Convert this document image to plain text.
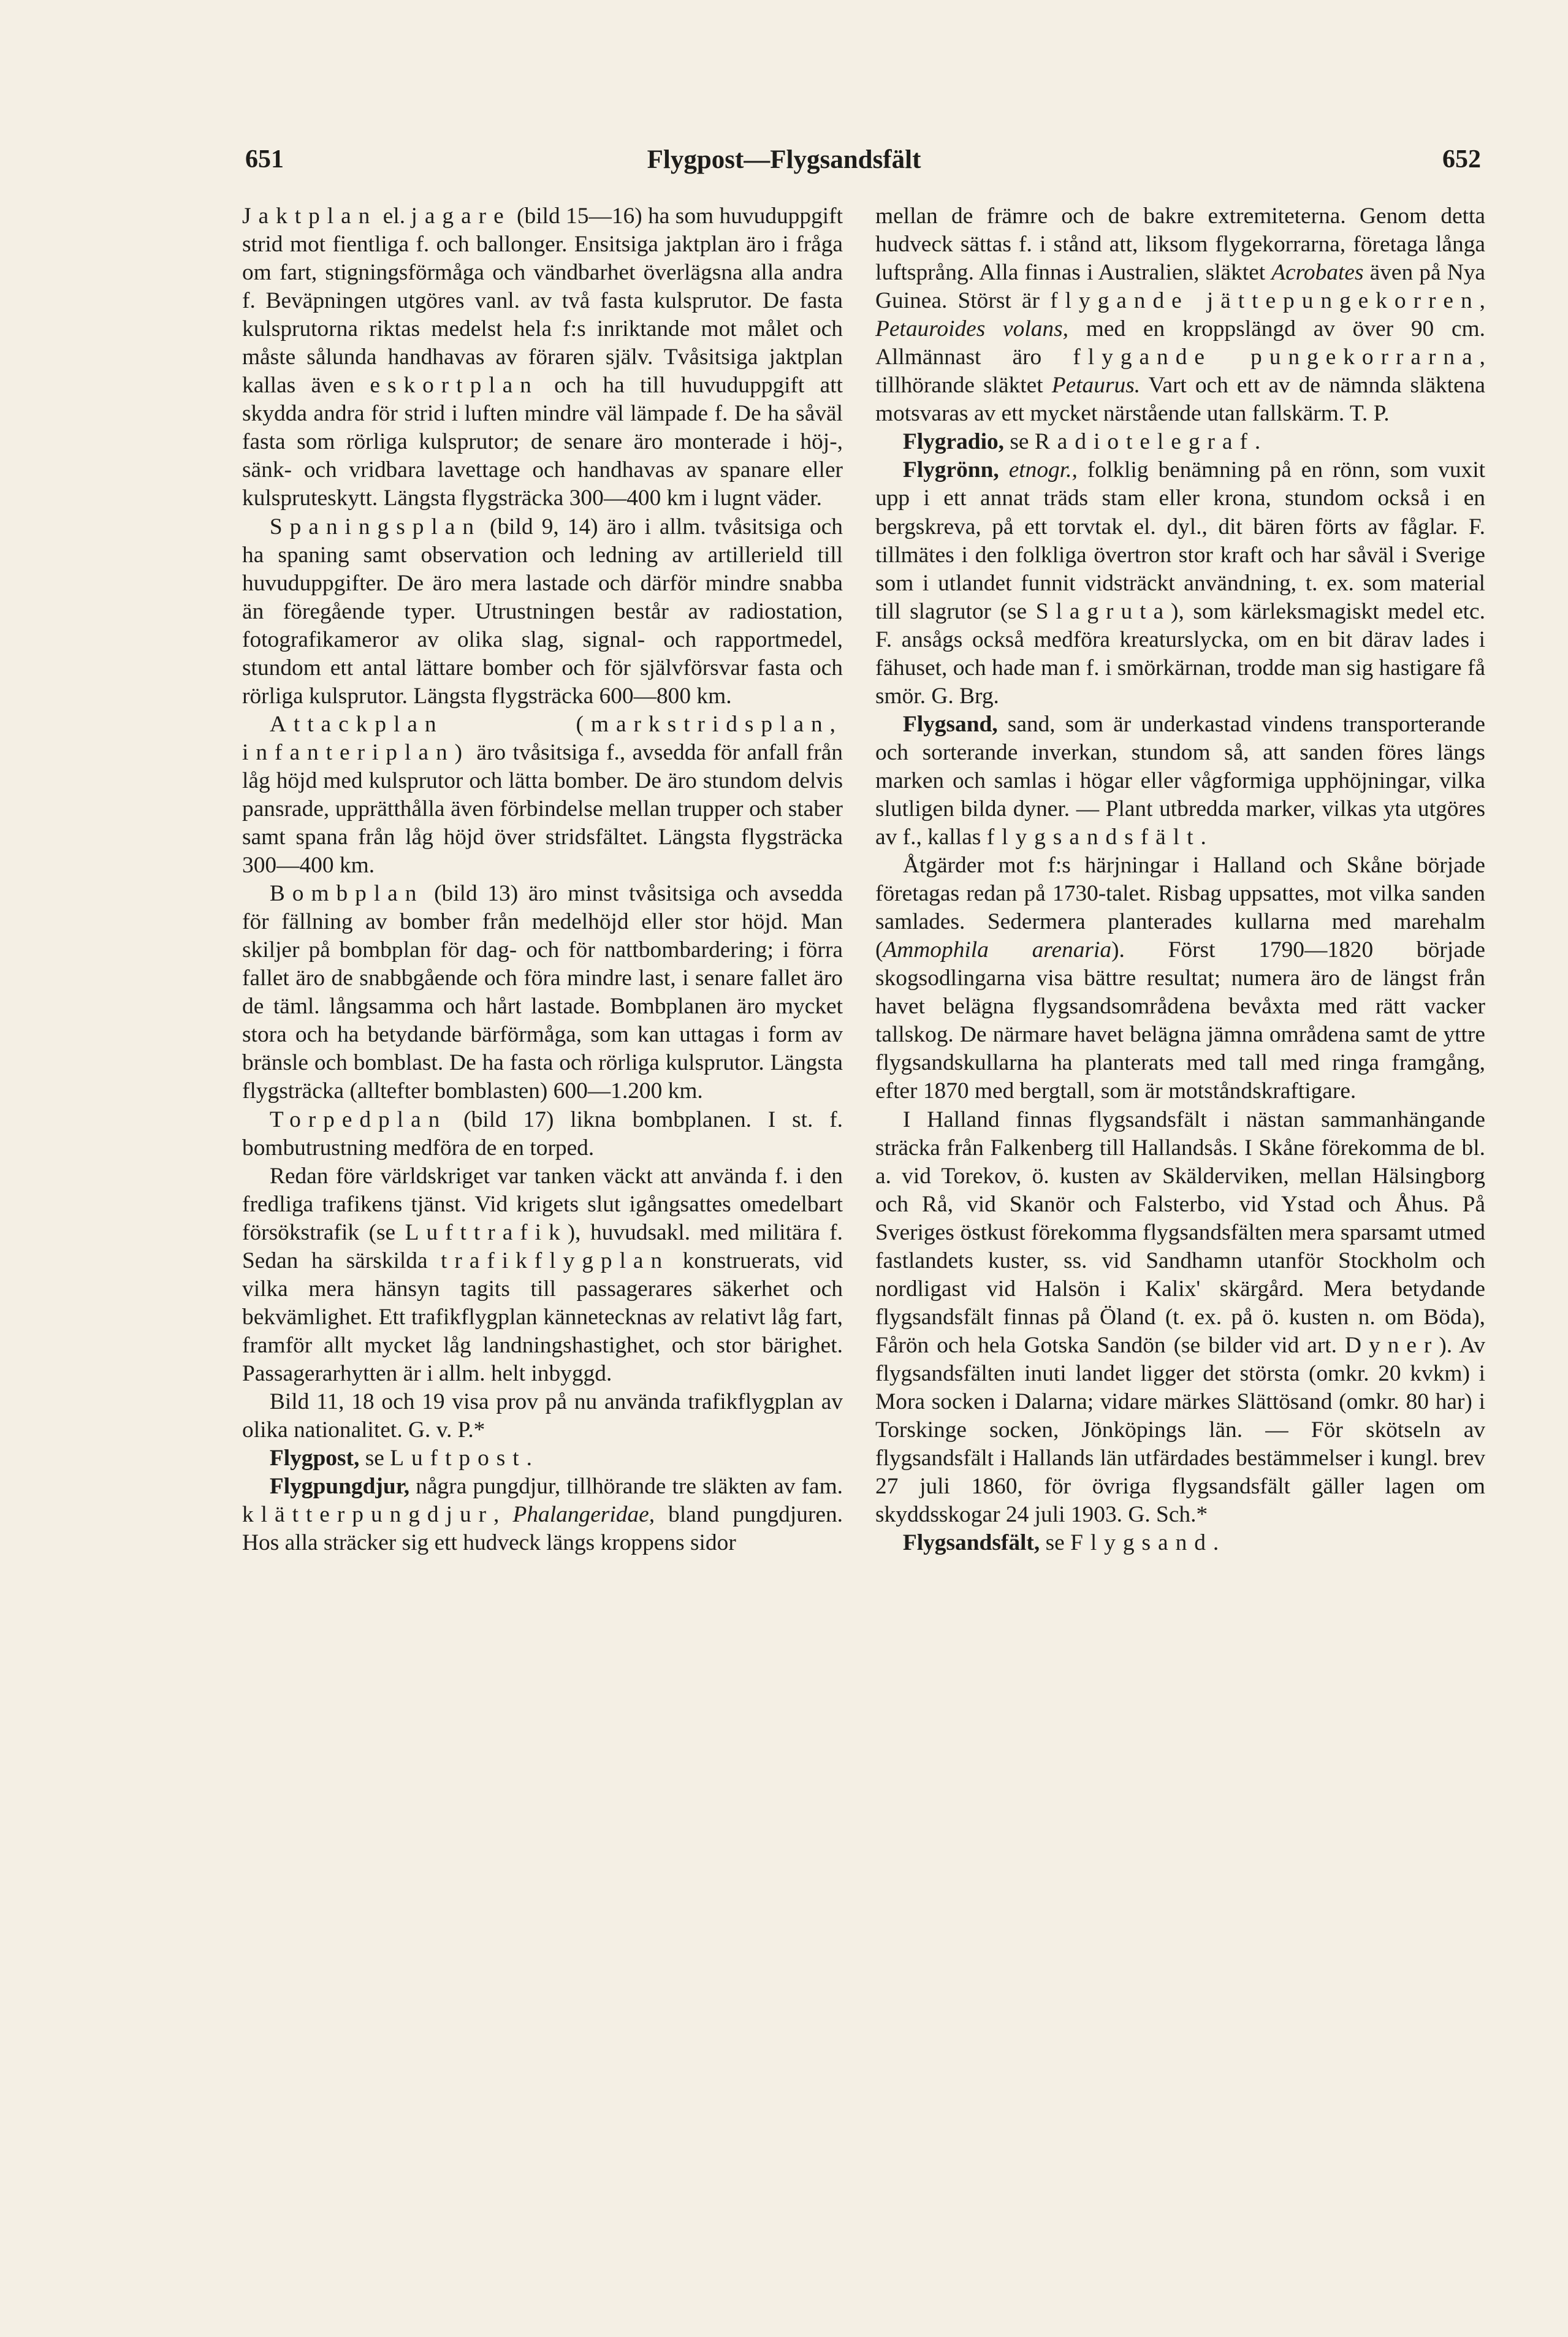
651	Flygpost—Flygsandsfält	652

Jaktplan el. jagare (bild 15—16) ha som huvuduppgift strid mot fientliga f. och ballonger. Ensitsiga jaktplan äro i fråga om fart, stigningsförmåga och vändbarhet överlägsna alla andra f. Beväpningen utgöres vanl. av två fasta kulsprutor. De fasta kulsprutorna riktas medelst hela f:s inriktande mot målet och måste sålunda handhavas av föraren själv. Tvåsitsiga jaktplan kallas även eskortplan och ha till huvuduppgift att skydda andra för strid i luften mindre väl lämpade f. De ha såväl fasta som rörliga kulsprutor; de senare äro monterade i höj-, sänk- och vridbara lavettage och handhavas av spanare eller kulspruteskytt. Längsta flygsträcka 300—400 km i lugnt väder.

Spaningsplan (bild 9, 14) äro i allm. tvåsitsiga och ha spaning samt observation och ledning av artillerield till huvuduppgifter. De äro mera lastade och därför mindre snabba än föregående typer. Utrustningen består av radiostation, fotografikameror av olika slag, signal- och rapportmedel, stundom ett antal lättare bomber och för självförsvar fasta och rörliga kulsprutor. Längsta flygsträcka 600—800 km.

Attackplan (markstridsplan, infanteriplan) äro tvåsitsiga f., avsedda för anfall från låg höjd med kulsprutor och lätta bomber. De äro stundom delvis pansrade, upprätthålla även förbindelse mellan trupper och staber samt spana från låg höjd över stridsfältet. Längsta flygsträcka 300—400 km.

Bombplan (bild 13) äro minst tvåsitsiga och avsedda för fällning av bomber från medelhöjd eller stor höjd. Man skiljer på bombplan för dag- och för nattbombardering; i förra fallet äro de snabbgående och föra mindre last, i senare fallet äro de täml. långsamma och hårt lastade. Bombplanen äro mycket stora och ha betydande bärförmåga, som kan uttagas i form av bränsle och bomblast. De ha fasta och rörliga kulsprutor. Längsta flygsträcka (alltefter bomblasten) 600—1.200 km.

Torpedplan (bild 17) likna bombplanen. I st. f. bombutrustning medföra de en torped.

Redan före världskriget var tanken väckt att använda f. i den fredliga trafikens tjänst. Vid krigets slut igångsattes omedelbart försökstrafik (se Lufttrafik), huvudsakl. med militära f. Sedan ha särskilda trafikflygplan konstruerats, vid vilka mera hänsyn tagits till passagerares säkerhet och bekvämlighet. Ett trafikflygplan kännetecknas av relativt låg fart, framför allt mycket låg landningshastighet, och stor bärighet. Passagerarhytten är i allm. helt inbyggd.

Bild 11, 18 och 19 visa prov på nu använda trafikflygplan av olika nationalitet. G. v. P.*

Flygpost, se Luftpost.

Flygpungdjur, några pungdjur, tillhörande tre släkten av fam. klätterpungdjur, Phalangeridae, bland pungdjuren. Hos alla sträcker sig ett hudveck längs kroppens sidor

mellan de främre och de bakre extremiteterna. Genom detta hudveck sättas f. i stånd att, liksom flygekorrarna, företaga långa luftsprång. Alla finnas i Australien, släktet Acrobates även på Nya Guinea. Störst är flygande jättepungekorren, Petauroides volans, med en kroppslängd av över 90 cm. Allmännast äro flygande pungekorrarna, tillhörande släktet Petaurus. Vart och ett av de nämnda släktena motsvaras av ett mycket närstående utan fallskärm. T. P.

Flygradio, se Radiotelegraf.

Flygrönn, etnogr., folklig benämning på en rönn, som vuxit upp i ett annat träds stam eller krona, stundom också i en bergskreva, på ett torvtak el. dyl., dit bären förts av fåglar. F. tillmätes i den folkliga övertron stor kraft och har såväl i Sverige som i utlandet funnit vidsträckt användning, t. ex. som material till slagrutor (se Slagruta), som kärleksmagiskt medel etc. F. ansågs också medföra kreaturslycka, om en bit därav lades i fähuset, och hade man f. i smörkärnan, trodde man sig hastigare få smör. G. Brg.

Flygsand, sand, som är underkastad vindens transporterande och sorterande inverkan, stundom så, att sanden föres längs marken och samlas i högar eller vågformiga upphöjningar, vilka slutligen bilda dyner. — Plant utbredda marker, vilkas yta utgöres av f., kallas flygsandsfält.

Åtgärder mot f:s härjningar i Halland och Skåne började företagas redan på 1730-talet. Risbag uppsattes, mot vilka sanden samlades. Sedermera planterades kullarna med marehalm (Ammophila arenaria). Först 1790—1820 började skogsodlingarna visa bättre resultat; numera äro de längst från havet belägna flygsandsområdena bevåxta med rätt vacker tallskog. De närmare havet belägna jämna områdena samt de yttre flygsandskullarna ha planterats med tall med ringa framgång, efter 1870 med bergtall, som är motståndskraftigare.

I Halland finnas flygsandsfält i nästan sammanhängande sträcka från Falkenberg till Hallandsås. I Skåne förekomma de bl. a. vid Torekov, ö. kusten av Skälderviken, mellan Hälsingborg och Rå, vid Skanör och Falsterbo, vid Ystad och Åhus. På Sveriges östkust förekomma flygsandsfälten mera sparsamt utmed fastlandets kuster, ss. vid Sandhamn utanför Stockholm och nordligast vid Halsön i Kalix' skärgård. Mera betydande flygsandsfält finnas på Öland (t. ex. på ö. kusten n. om Böda), Fårön och hela Gotska Sandön (se bilder vid art. Dyner). Av flygsandsfälten inuti landet ligger det största (omkr. 20 kvkm) i Mora socken i Dalarna; vidare märkes Slättösand (omkr. 80 har) i Torskinge socken, Jönköpings län. — För skötseln av flygsandsfält i Hallands län utfärdades bestämmelser i kungl. brev 27 juli 1860, för övriga flygsandsfält gäller lagen om skyddsskogar 24 juli 1903. G. Sch.*

Flygsandsfält, se Flygsand.
